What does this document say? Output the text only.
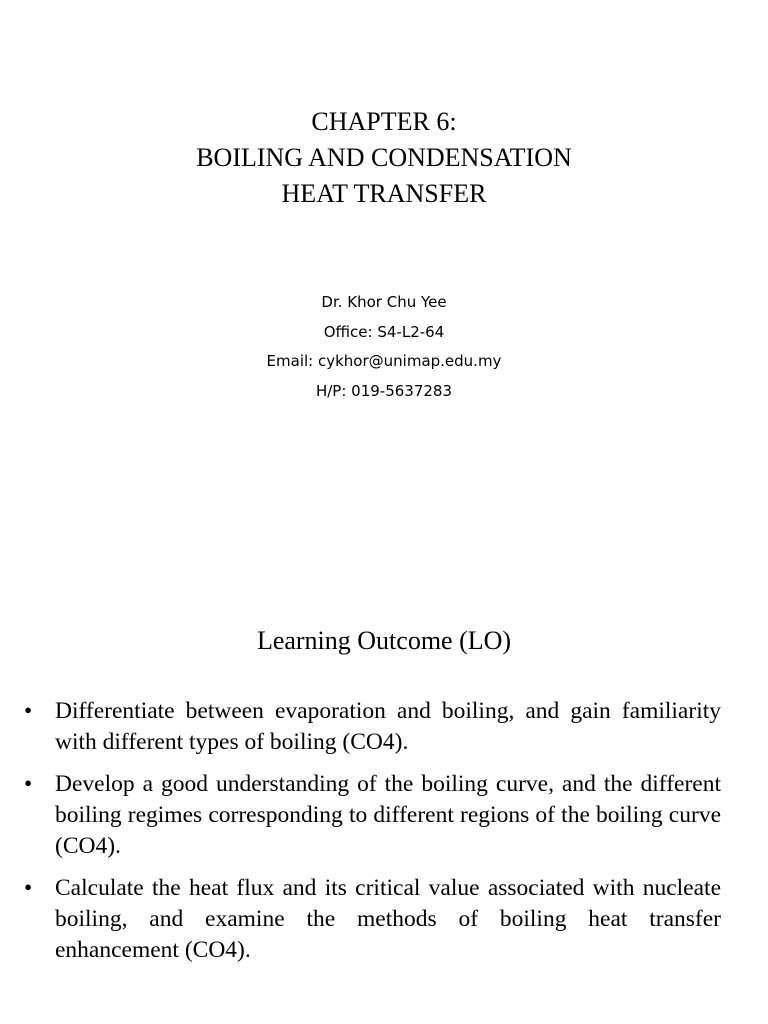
CHAPTER 6:
BOILING AND CONDENSATION
HEAT TRANSFER
Dr. Khor Chu Yee
Office: S4-L2-64
Email: cykhor@unimap.edu.my
H/P: 019-5637283
Learning Outcome (LO)
• Differentiate between evaporation and boiling, and gain familiarity with different types of boiling (CO4).
• Develop a good understanding of the boiling curve, and the different boiling regimes corresponding to different regions of the boiling curve (CO4).
• Calculate the heat flux and its critical value associated with nucleate boiling, and examine the methods of boiling heat transfer enhancement (CO4).
